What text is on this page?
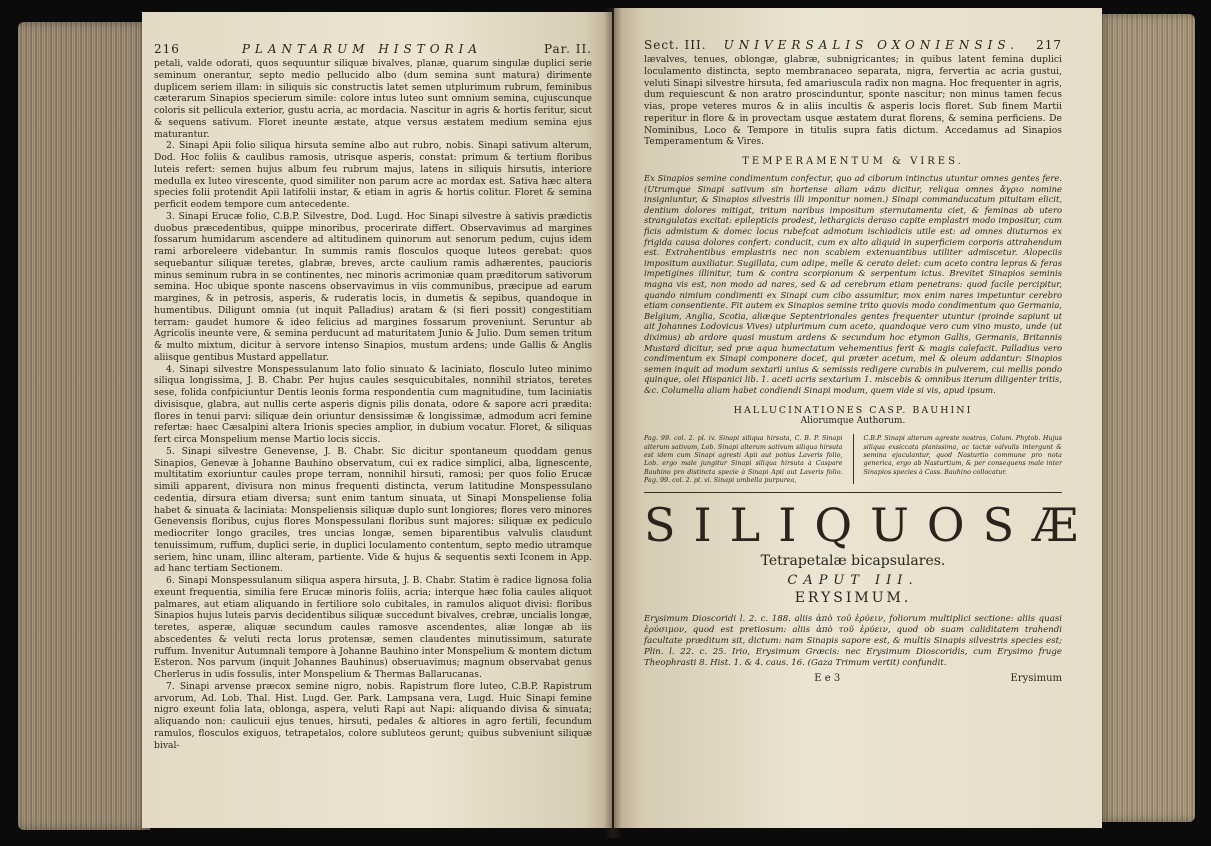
216	PLANTARUM HISTORIA	Par. II.

petali, valde odorati, quos sequuntur siliquæ bivalves, planæ, quarum singulæ duplici serie seminum onerantur, septo medio pellucido albo (dum semina sunt matura) dirimente duplicem seriem illam: in siliquis sic constructis latet semen utplurimum rubrum, feminibus cæterarum Sinapios specierum simile: colore intus luteo sunt omnium semina, cujuscunque coloris sit pellicula exterior, gustu acria, ac mordacia. Nascitur in agris & hortis feritur, sicut & sequens sativum. Floret ineunte æstate, atque versus æstatem medium semina ejus maturantur.

2. Sinapi Apii folio siliqua hirsuta semine albo aut rubro, nobis. Sinapi sativum alterum, Dod. Hoc foliis & caulibus ramosis, utrisque asperis, constat: primum & tertium floribus luteis refert: semen hujus album feu rubrum majus, latens in siliquis hirsutis, interiore medulla ex luteo virescente, quod similiter non parum acre ac mordax est. Sativa hæc altera species folii protendit Apii latifolii instar, & etiam in agris & hortis colitur. Floret & semina perficit eodem tempore cum antecedente.

3. Sinapi Erucæ folio, C.B.P. Silvestre, Dod. Lugd. Hoc Sinapi silvestre à sativis prædictis duobus præcedentibus, quippe minoribus, procerirate differt. Observavimus ad margines fossarum humidarum ascendere ad altitudinem quinorum aut senorum pedum, cujus idem rami arboreleere videbantur. In summis ramis flosculos quoque luteos gerebat: quos sequebantur siliquæ teretes, glabræ, breves, arcte caulium ramis adhærentes, paucioris minus seminum rubra in se continentes, nec minoris acrimoniæ quam præditorum sativorum semina. Hoc ubique sponte nascens observavimus in viis communibus, præcipue ad earum margines, & in petrosis, asperis, & ruderatis locis, in dumetis & sepibus, quandoque in humentibus. Diligunt omnia (ut inquit Palladius) aratam & (si fieri possit) congestitiam terram: gaudet humore & ideo felicius ad margines fossarum proveniunt. Seruntur ab Agricolis ineunte vere, & semina perducunt ad maturitatem Junio & Julio. Dum semen tritum & multo mixtum, dicitur à servore intenso Sinapios, mustum ardens; unde Gallis & Anglis aliisque gentibus Mustard appellatur.

4. Sinapi silvestre Monspessulanum lato folio sinuato & laciniato, flosculo luteo minimo siliqua longissima, J. B. Chabr. Per hujus caules sesquicubitales, nonnihil striatos, teretes sese, folida confpiciuntur Dentis leonis forma respondentia cum magnitudine, tum laciniatis divisisque, glabra, aut nullis certe asperis dignis pilis donata, odore & sapore acri prædita: flores in tenui parvi: siliquæ dein oriuntur densissimæ & longissimæ, admodum acri femine refertæ: haec Cæsalpini altera Irionis species amplior, in dubium vocatur. Floret, & siliquas fert circa Monspelium mense Martio locis siccis.

5. Sinapi silvestre Genevense, J. B. Chabr. Sic dicitur spontaneum quoddam genus Sinapios, Genevæ à Johanne Bauhino observatum, cui ex radice simplici, alba, lignescente, multitatim exoriuntur caules prope terram, nonnihil hirsuti, ramosi; per quos folio Erucæ simili apparent, divisura non minus frequenti distincta, verum latitudine Monspessulano cedentia, dirsura etiam diversa; sunt enim tantum sinuata, ut Sinapi Monspeliense folia habet & sinuata & laciniata: Monspeliensis siliquæ duplo sunt longiores; flores vero minores Genevensis floribus, cujus flores Monspessulani floribus sunt majores: siliquæ ex pediculo mediocriter longo graciles, tres uncias longæ, semen biparentibus valvulis claudunt tenuissimum, ruffum, duplici serie, in duplici loculamento contentum, septo medio utramque seriem, hinc unam, illinc alteram, partiente. Vide & hujus & sequentis sexti Iconem in App. ad hanc tertiam Sectionem.

6. Sinapi Monspessulanum siliqua aspera hirsuta, J. B. Chabr. Statim è radice lignosa folia exeunt frequentia, similia fere Erucæ minoris foliis, acria; interque hæc folia caules aliquot palmares, aut etiam aliquando in fertiliore solo cubitales, in ramulos aliquot divisi: floribus Sinapios hujus luteis parvis decidentibus siliquæ succedunt bivalves, crebræ, uncialis longæ, teretes, asperæ, aliquæ secundum caules ramosve ascendentes, aliæ longæ ab iis abscedentes & veluti recta lorus protensæ, semen claudentes minutissimum, saturate ruffum. Invenitur Autumnali tempore à Johanne Bauhino inter Monspelium & montem dictum Esteron. Nos parvum (inquit Johannes Bauhinus) obseruavimus; magnum observabat genus Cherlerus in udis fossulis, inter Monspelium & Thermas Ballarucanas.

7. Sinapi arvense præcox semine nigro, nobis. Rapistrum flore luteo, C.B.P. Rapistrum arvorum, Ad. Lob. Thal. Hist. Lugd. Ger. Park. Lampsana vera, Lugd. Huic Sinapi femine nigro exeunt folia lata, oblonga, aspera, veluti Rapi aut Napi: aliquando divisa & sinuata; aliquando non: caulicuii ejus tenues, hirsuti, pedales & altiores in agro fertili, fecundum ramulos, flosculos exiguos, tetrapetalos, colore subluteos gerunt; quibus subveniunt siliquæ bival-

Sect. III. UNIVERSALIS OXONIENSIS. 217
lævalves, tenues, oblongæ, glabræ, subnigricantes; in quibus latent femina duplici loculamento distincta, septo membranaceo separata, nigra, fervertia ac acria gustui, veluti Sinapi silvestre hirsuta, fed amariuscula radix non magna. Hoc frequenter in agris, dum requiescunt & non aratro proscinduntur, sponte nascitur; non minus tamen fecus vias, prope veteres muros & in aliis incultis & asperis locis floret. Sub finem Martii reperitur in flore & in provectam usque æstatem durat florens, & semina perficiens. De Nominibus, Loco & Tempore in titulis supra fatis dictum. Accedamus ad Sinapios Temperamentum & Vires.
TEMPERAMENTUM & VIRES.
Ex Sinapios semine condimentum confectur, quo ad ciborum intinctus utuntur omnes gentes fere. (Utrumque Sinapi sativum sin hortense aliam νάπυ dicitur, reliqua omnes ἄγριο nomine insigniuntur, & Sinapios silvestris illi imponitur nomen.) Sinapi commanducatum pituitam elicit, dentium dolores mitigat, tritum naribus impositum sternutamenta ciet, & feminas ab utero strangulatas excitat: epilepticis prodest, lethargicis deraso capite emplastri modo impositur, cum ficis admistum & domec locus rubefcat admotum ischiadicis utile est: ad omnes diuturnos ex frigida causa dolores confert: conducit, cum ex alto aliquid in superficiem corporis attrahendum est. Extrahentibus emplastris nec non scabiem extenuantibus utiliter admiscetur. Alopeciis impositum auxiliatur. Sugillata, cum adipe, melle & cerato delet: cum aceto contra lepras & feras impetigines illinitur, tum & contra scorpionum & serpentum ictus. Brevitet Sinapios seminis magna vis est, non modo ad nares, sed & ad cerebrum etiam penetrans: quod facile percipitur, quando nimium condimenti ex Sinapi cum cibo assumitur, mox enim nares impetuntur cerebro etiam consentiente. Fit autem ex Sinapios semine trito quovis modo condimentum quo Germania, Belgium, Anglia, Scotia, aliæque Septentrionales gentes frequenter utuntur (proinde sapiunt ut ait Johannes Lodovicus Vives) utplurimum cum aceto, quandoque vero cum vino musto, unde (ut diximus) ab ardore quasi mustum ardens & secundum hoc etymon Gallis, Germanis, Britannis Mustard dicitur, sed præ aqua humectatum vehementius ferit & magis calefacit. Palladius vero condimentum ex Sinapi componere docet, qui præter acetum, mel & oleum addantur: Sinapios semen inquit ad modum sextarii unius & semissis redigere curabis in pulverem, cui mellis pondo quinque, olei Hispanici lib. 1. aceti acris sextarium 1. miscebis & omnibus iterum diligenter tritis, &c. Columella aliam habet condiendi Sinapi modum, quem vide si vis, apud ipsum.
HALLUCINATIONES CASP. BAUHINI
Aliorumque Authorum.
Pag. 99. col. 2. pl. iv. Sinapi siliqua hirsuta, C. B. P. Sinapi alterum sativum, Lob. Sinapi alterum sativum siliqua hirsuta est idem cum Sinapi agresti Apii aut potius Laveris folio, Lob. ergo male jungitur Sinapi siliqua hirsuta à Caspare Bauhino pro distincta specie à Sinapi Apii aut Laveris folio. Pag. 99. col. 2. pl. vi. Sinapi umbella purpurea,
C.B.P. Sinapi alterum agreste nostras, Colum. Phytob. Hujus siliqua exsiccata planissima, ac tactæ valvulis intergunt & semina ejaculantur, quod Nasturtio commune pro nota generica, ergo ab Nasturtium, & per consequens male inter Sinapios species à Cass. Bauhino collocatur.
SILIQUOSÆ
Tetrapetalæ bicapsulares.
CAPUT III.
ERYSIMUM.
Erysimum Dioscoridi l. 2. c. 188. aliis ἀπὸ τοῦ ἐρύειν, foliorum multiplici sectione: aliis quasi ἐρύσιμον, quod est pretiosum: aliis ἀπὸ τοῦ ἐρύειν, quod ob suam caliditatem trahendi facultate præditum sit, dictum: nam Sinapis sapore est, & multis Sinapis silvestris species est; Plin. l. 22. c. 25. Irio, Erysimum Græcis: nec Erysimum Dioscoridis, cum Erysimo fruge Theophrasti 8. Hist. 1. & 4. caus. 16. (Gaza Trimum vertit) confundit.
E e 3	Erysimum
